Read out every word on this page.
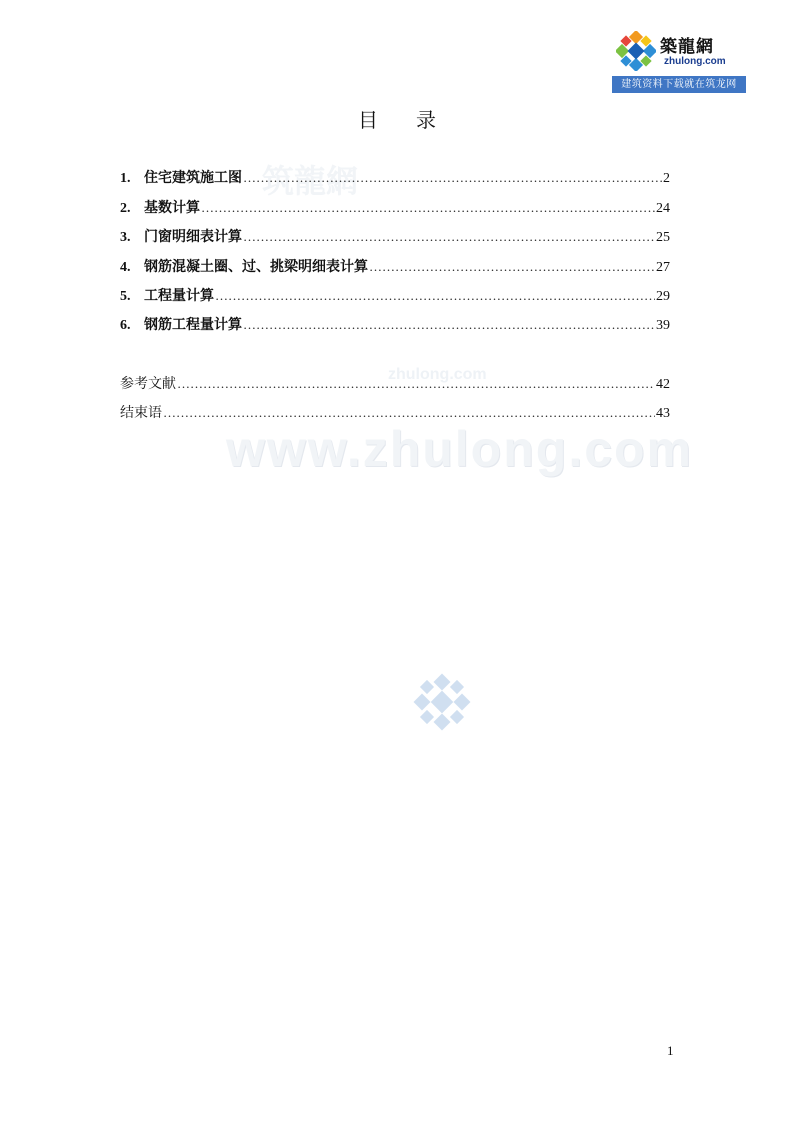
筑龍網
zhulong.com
www.zhulong.com
築龍網
zhulong.com
建筑资料下载就在筑龙网
目 录
1. 住宅建筑施工图 ……………………………………………………………………………………………………………………………………	2
2. 基数计算 ……………………………………………………………………………………………………………………………………	24
3. 门窗明细表计算 ……………………………………………………………………………………………………………………………………	25
4. 钢筋混凝土圈、过、挑梁明细表计算 ……………………………………………………………………………………………………………………………………	27
5. 工程量计算 ……………………………………………………………………………………………………………………………………	29
6. 钢筋工程量计算 ……………………………………………………………………………………………………………………………………	39
参考文献 ……………………………………………………………………………………………………………………………………	42
结束语 ……………………………………………………………………………………………………………………………………	43
1
